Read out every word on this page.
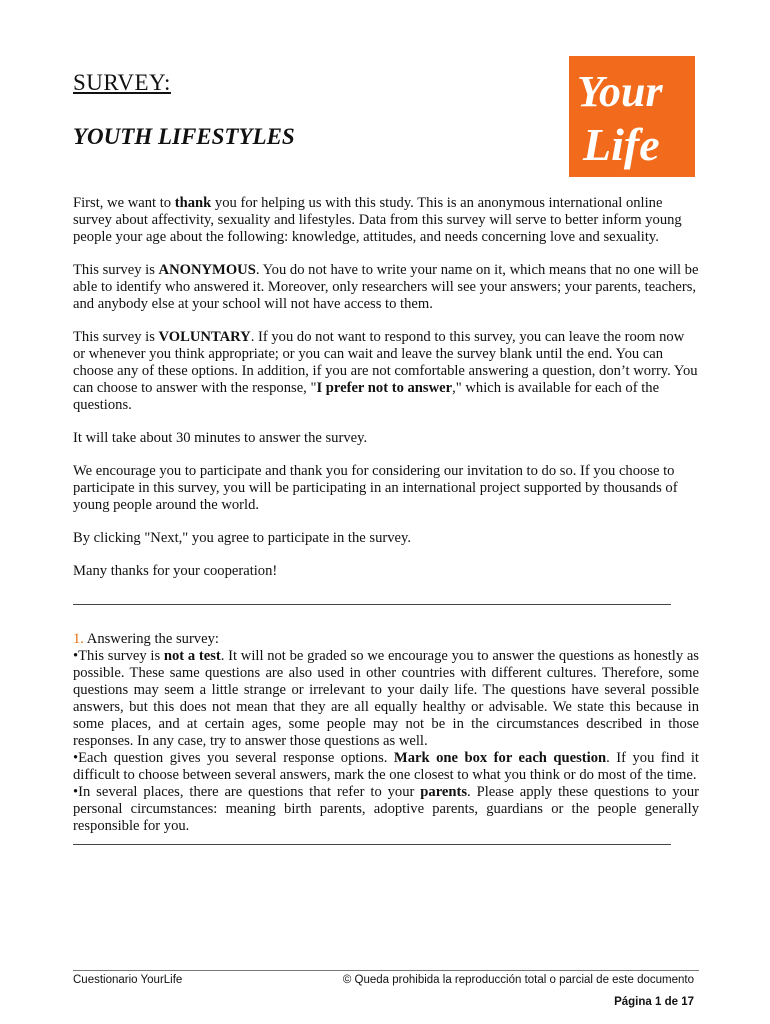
SURVEY:
YOUTH LIFESTYLES
Your
Life

First, we want to thank you for helping us with this study. This is an anonymous international online survey about affectivity, sexuality and lifestyles. Data from this survey will serve to better inform young people your age about the following: knowledge, attitudes, and needs concerning love and sexuality.

This survey is ANONYMOUS. You do not have to write your name on it, which means that no one will be able to identify who answered it. Moreover, only researchers will see your answers; your parents, teachers, and anybody else at your school will not have access to them.

This survey is VOLUNTARY. If you do not want to respond to this survey, you can leave the room now or whenever you think appropriate; or you can wait and leave the survey blank until the end. You can choose any of these options. In addition, if you are not comfortable answering a question, don’t worry. You can choose to answer with the response, "I prefer not to answer," which is available for each of the questions.

It will take about 30 minutes to answer the survey.

We encourage you to participate and thank you for considering our invitation to do so. If you choose to participate in this survey, you will be participating in an international project supported by thousands of young people around the world.

By clicking "Next," you agree to participate in the survey.

Many thanks for your cooperation!

1. Answering the survey:

•This survey is not a test. It will not be graded so we encourage you to answer the questions as honestly as possible. These same questions are also used in other countries with different cultures. Therefore, some questions may seem a little strange or irrelevant to your daily life. The questions have several possible answers, but this does not mean that they are all equally healthy or advisable. We state this because in some places, and at certain ages, some people may not be in the circumstances described in those responses. In any case, try to answer those questions as well.

•Each question gives you several response options. Mark one box for each question. If you find it difficult to choose between several answers, mark the one closest to what you think or do most of the time.

•In several places, there are questions that refer to your parents. Please apply these questions to your personal circumstances: meaning birth parents, adoptive parents, guardians or the people generally responsible for you.

Cuestionario YourLife	© Queda prohibida la reproducción total o parcial de este documento
Página 1 de 17
